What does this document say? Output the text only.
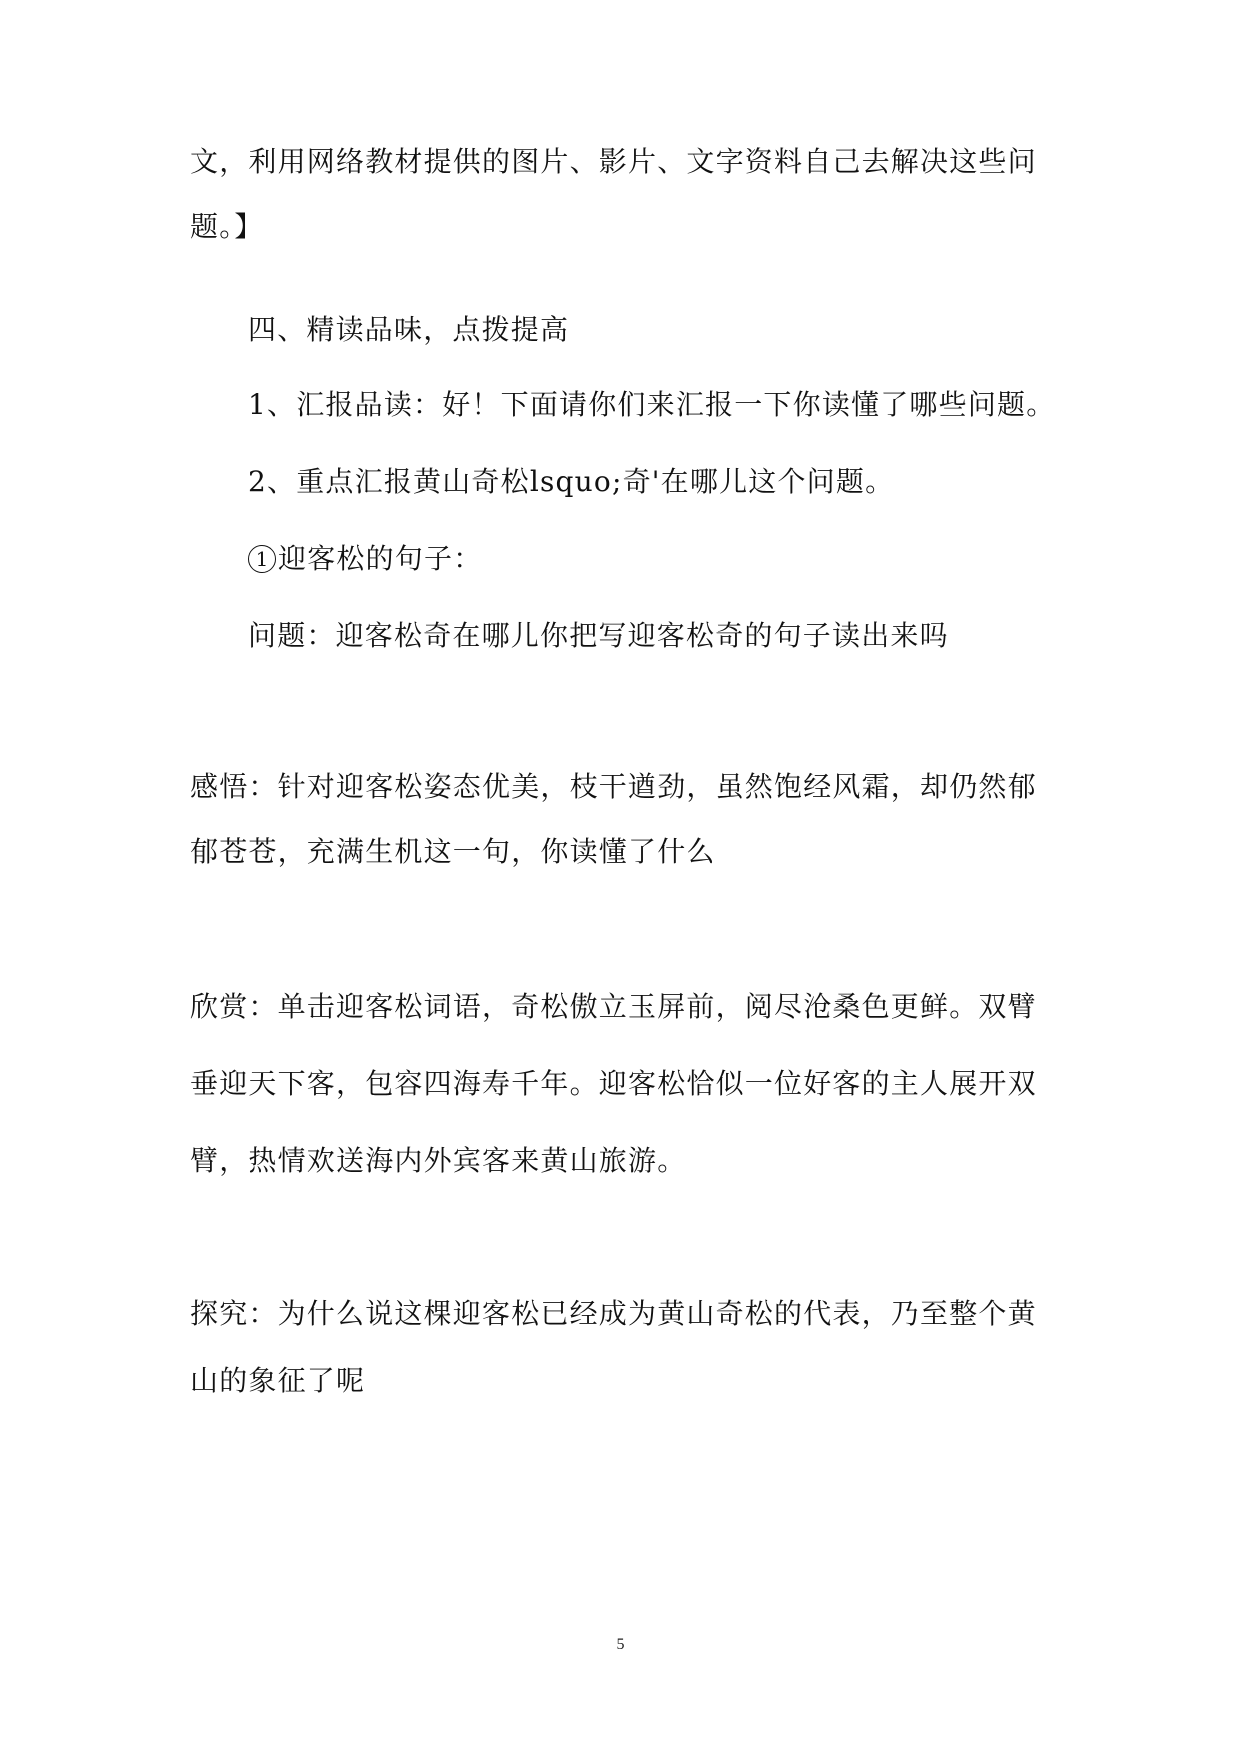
文，利用网络教材提供的图片、影片、文字资料自己去解决这些问
题。】
四、精读品味，点拨提高
1、汇报品读：好！下面请你们来汇报一下你读懂了哪些问题。
2、重点汇报黄山奇松lsquo;奇'在哪儿这个问题。
1 迎客松的句子：
问题：迎客松奇在哪儿你把写迎客松奇的句子读出来吗
感悟：针对迎客松姿态优美，枝干遒劲，虽然饱经风霜，却仍然郁
郁苍苍，充满生机这一句，你读懂了什么
欣赏：单击迎客松词语，奇松傲立玉屏前，阅尽沧桑色更鲜。双臂
垂迎天下客，包容四海寿千年。迎客松恰似一位好客的主人展开双
臂，热情欢送海内外宾客来黄山旅游。
探究：为什么说这棵迎客松已经成为黄山奇松的代表，乃至整个黄
山的象征了呢
5
